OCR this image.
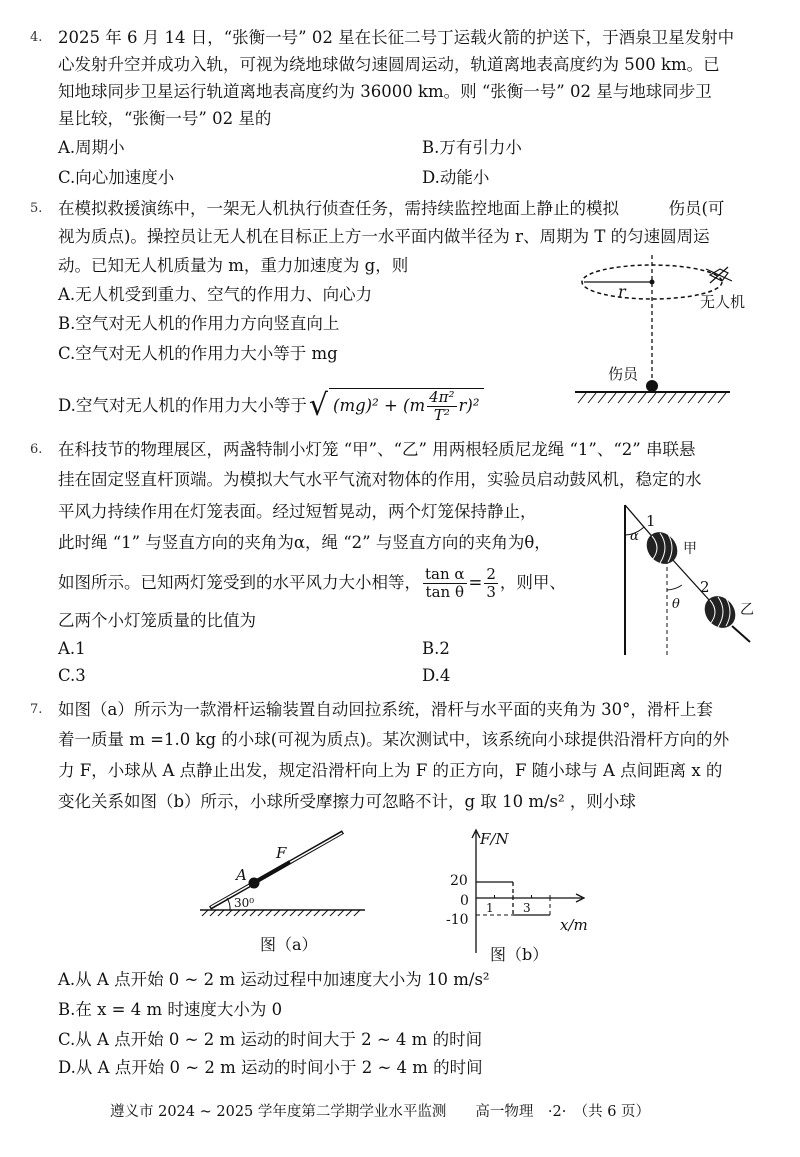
4. 2025 年 6 月 14 日，“张衡一号” 02 星在长征二号丁运载火箭的护送下，于酒泉卫星发射中
心发射升空并成功入轨，可视为绕地球做匀速圆周运动，轨道离地表高度约为 500 km。已
知地球同步卫星运行轨道离地表高度约为 36000 km。则 “张衡一号” 02 星与地球同步卫
星比较，“张衡一号” 02 星的
A.周期小	B.万有引力小
C.向心加速度小	D.动能小
5. 在模拟救援演练中，一架无人机执行侦查任务，需持续监控地面上静止的模拟　　　伤员(可
视为质点)。操控员让无人机在目标正上方一水平面内做半径为 r、周期为 T 的匀速圆周运
动。已知无人机质量为 m，重力加速度为 g，则
A.无人机受到重力、空气的作用力、向心力
B.空气对无人机的作用力方向竖直向上
C.空气对无人机的作用力大小等于 mg
D.空气对无人机的作用力大小等于 √ $(mg)^2 + (m \frac{\text{4π²}}{\text{T²}} r)^2$
r
无人机
伤员
6. 在科技节的物理展区，两盏特制小灯笼 “甲”、“乙” 用两根轻质尼龙绳 “1”、“2” 串联悬
挂在固定竖直杆顶端。为模拟大气水平气流对物体的作用，实验员启动鼓风机，稳定的水
平风力持续作用在灯笼表面。经过短暂晃动，两个灯笼保持静止，
此时绳 “1” 与竖直方向的夹角为α，绳 “2” 与竖直方向的夹角为θ，
如图所示。已知两灯笼受到的水平风力大小相等， $\frac{\text{tan α}}{\text{tan θ}} = \frac{2}{3}$ ，则甲、
乙两个小灯笼质量的比值为
A.1	B.2
C.3	D.4
1
α
甲
2
θ	乙
7. 如图（a）所示为一款滑杆运输装置自动回拉系统，滑杆与水平面的夹角为 30°，滑杆上套
着一质量 m =1.0 kg 的小球(可视为质点)。某次测试中，该系统向小球提供沿滑杆方向的外
力 F，小球从 A 点静止出发，规定沿滑杆向上为 F 的正方向，F 随小球与 A 点间距离 x 的
变化关系如图（b）所示，小球所受摩擦力可忽略不计，g 取 10 m/s² ，则小球
30⁰
A
F
图（a）
F/N
x/m
20
0
-10
1 3
图（b）
A.从 A 点开始 0 ~ 2 m 运动过程中加速度大小为 10 m/s²
B.在 x = 4 m 时速度大小为 0
C.从 A 点开始 0 ~ 2 m 运动的时间大于 2 ~ 4 m 的时间
D.从 A 点开始 0 ~ 2 m 运动的时间小于 2 ~ 4 m 的时间
遵义市 2024 ~ 2025 学年度第二学期学业水平监测　　高一物理　·2·　（共 6 页）
